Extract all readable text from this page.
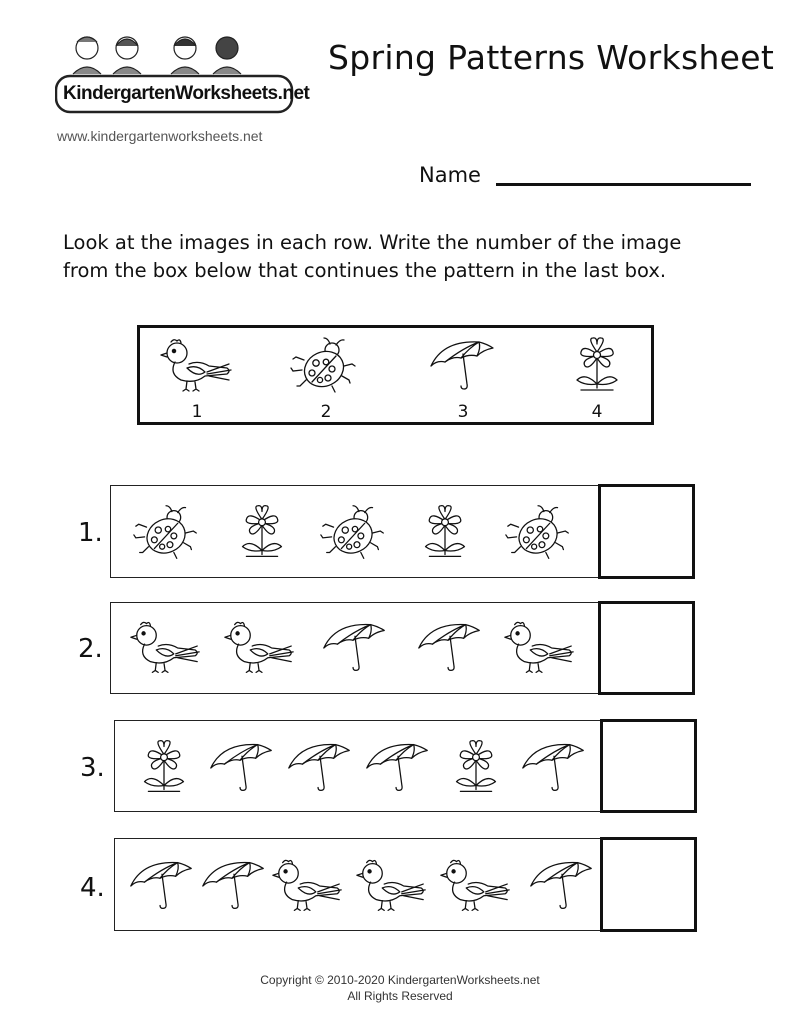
KindergartenWorksheets.net
www.kindergartenworksheets.net
Spring Patterns Worksheet
Name
Look at the images in each row. Write the number of the image
from the box below that continues the pattern in the last box.
1	2	3	4
1.
2.
3.
4.
Copyright © 2010-2020 KindergartenWorksheets.net
All Rights Reserved
